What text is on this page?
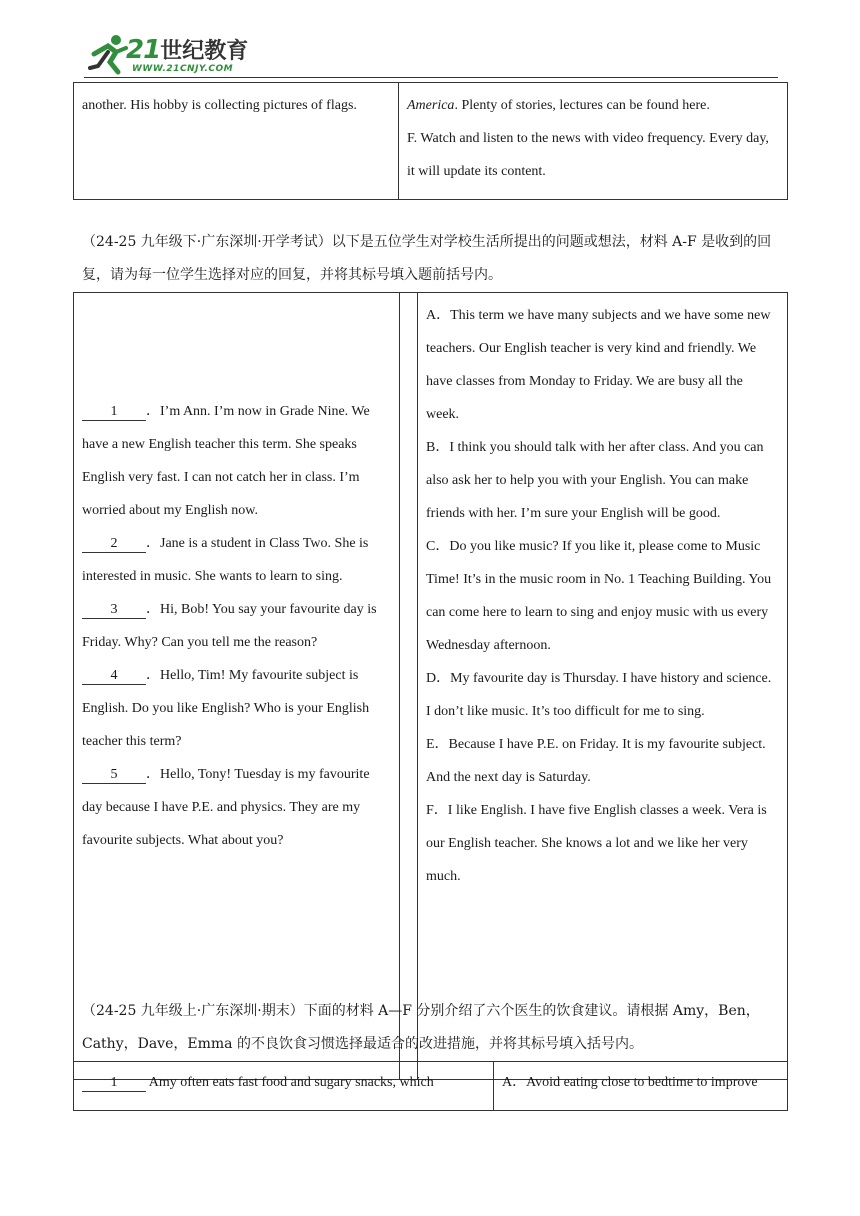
21世纪教育
WWW.21CNJY.COM
another. His hobby is collecting pictures of flags.	America. Plenty of stories, lectures can be found here.
F. Watch and listen to the news with video frequency. Every day, it will update its content.
（24-25 九年级下·广东深圳·开学考试）以下是五位学生对学校生活所提出的问题或想法，材料 A-F 是收到的回复，请为每一位学生选择对应的回复，并将其标号填入题前括号内。
1 ．I’m Ann. I’m now in Grade Nine. We have a new English teacher this term. She speaks English very fast. I can not catch her in class. I’m worried about my English now.
2 ．Jane is a student in Class Two. She is interested in music. She wants to learn to sing.
3 ．Hi, Bob! You say your favourite day is Friday. Why? Can you tell me the reason?
4 ．Hello, Tim! My favourite subject is English. Do you like English? Who is your English teacher this term?
5 ．Hello, Tony! Tuesday is my favourite day because I have P.E. and physics. They are my favourite subjects. What about you?

A．This term we have many subjects and we have some new teachers. Our English teacher is very kind and friendly. We have classes from Monday to Friday. We are busy all the week.
B．I think you should talk with her after class. And you can also ask her to help you with your English. You can make friends with her. I’m sure your English will be good.
C．Do you like music? If you like it, please come to Music Time! It’s in the music room in No. 1 Teaching Building. You can come here to learn to sing and enjoy music with us every Wednesday afternoon.
D．My favourite day is Thursday. I have history and science. I don’t like music. It’s too difficult for me to sing.
E．Because I have P.E. on Friday. It is my favourite subject. And the next day is Saturday.
F．I like English. I have five English classes a week. Vera is our English teacher. She knows a lot and we like her very much.
（24-25 九年级上·广东深圳·期末）下面的材料 A—F 分别介绍了六个医生的饮食建议。请根据 Amy，Ben，Cathy，Dave，Emma 的不良饮食习惯选择最适合的改进措施，并将其标号填入括号内。
1 Amy often eats fast food and sugary snacks, which	A．Avoid eating close to bedtime to improve
